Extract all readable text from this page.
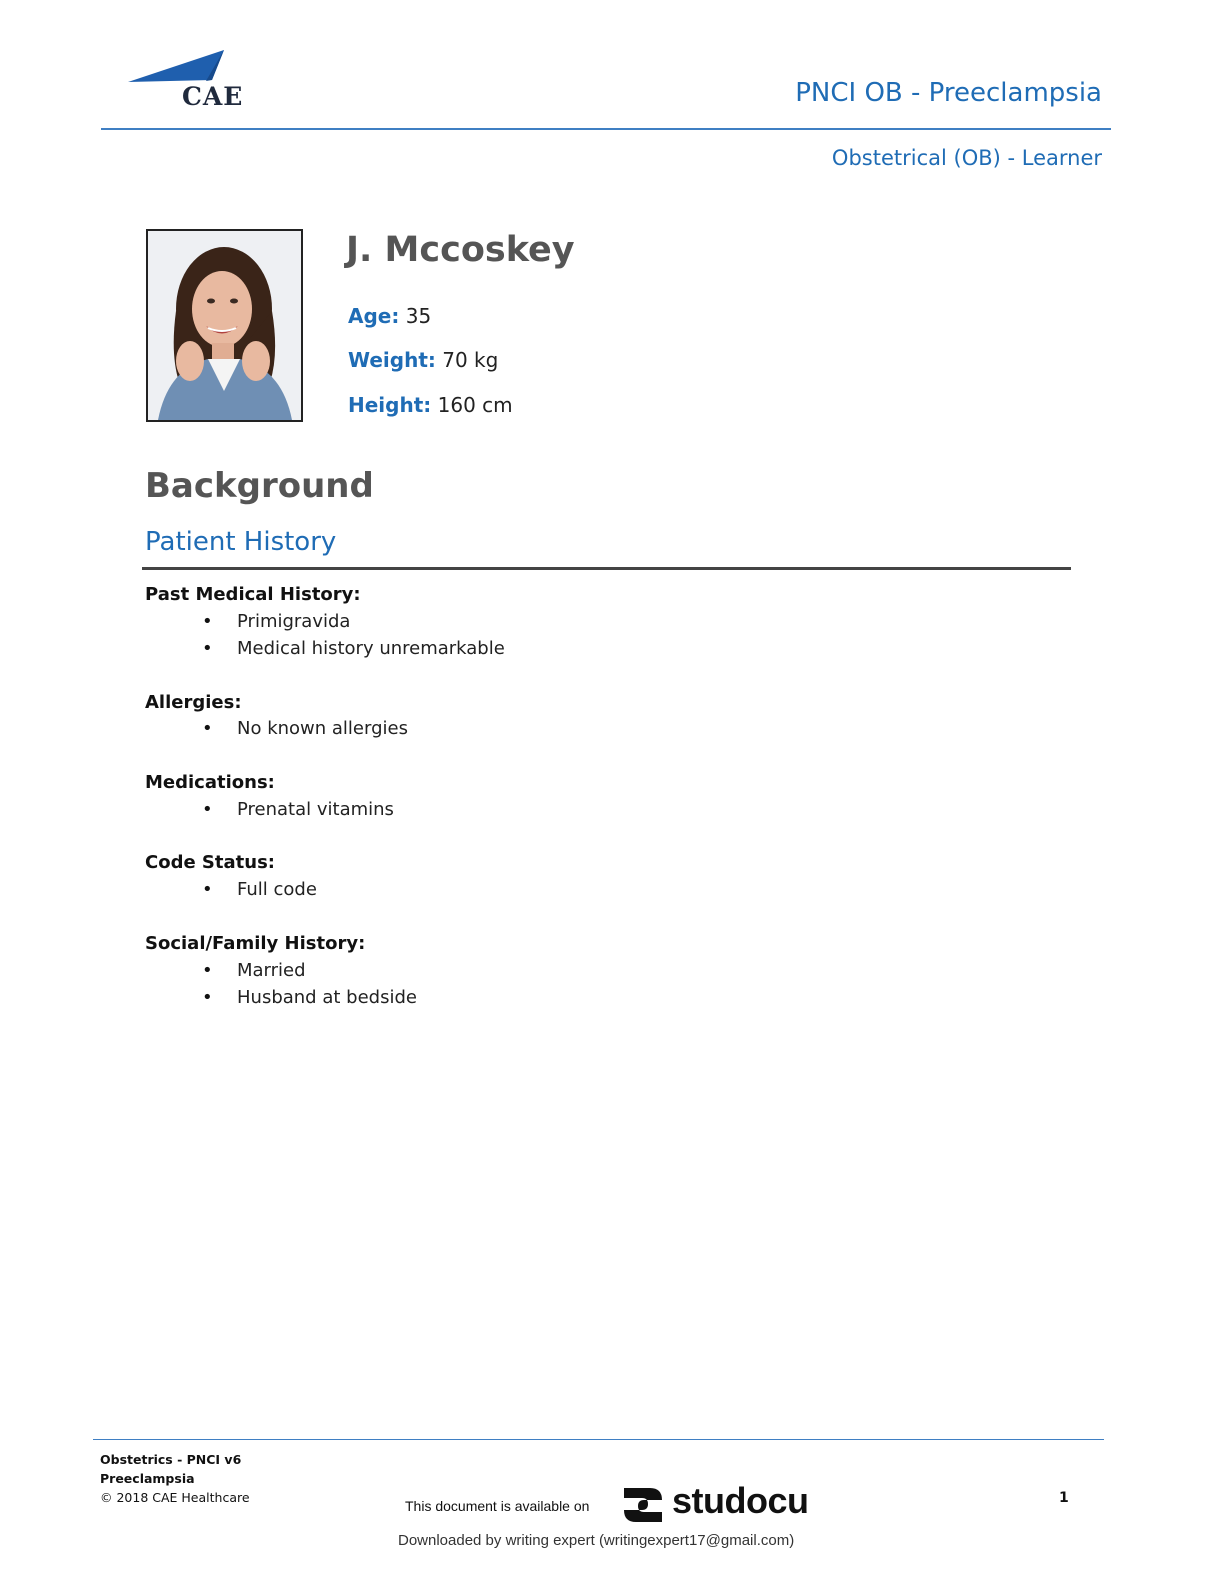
CAE	PNCI OB - Preeclampsia
Obstetrical (OB) - Learner
J. Mccoskey
Age: 35
Weight: 70 kg
Height: 160 cm
Background
Patient History
Past Medical History:
• Primigravida
• Medical history unremarkable
Allergies:
• No known allergies
Medications:
• Prenatal vitamins
Code Status:
• Full code
Social/Family History:
• Married
• Husband at bedside
Obstetrics - PNCI v6
Preeclampsia
© 2018 CAE Healthcare
This document is available on studocu	1
Downloaded by writing expert (writingexpert17@gmail.com)
